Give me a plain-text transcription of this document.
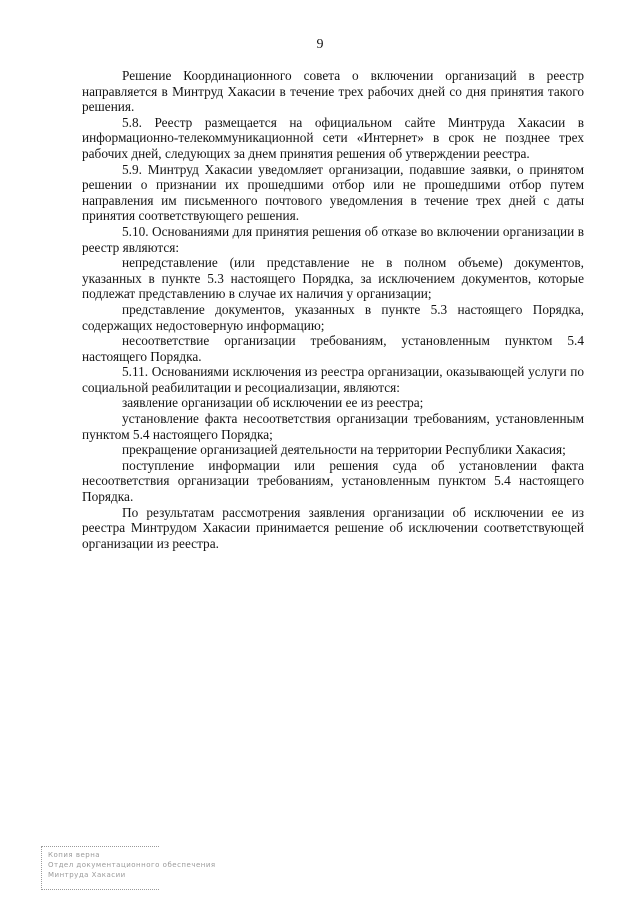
9

Решение Координационного совета о включении организаций в реестр направляется в Минтруд Хакасии в течение трех рабочих дней со дня принятия такого решения.

5.8. Реестр размещается на официальном сайте Минтруда Хакасии в информационно-телекоммуникационной сети «Интернет» в срок не позднее трех рабочих дней, следующих за днем принятия решения об утверждении реестра.

5.9. Минтруд Хакасии уведомляет организации, подавшие заявки, о принятом решении о признании их прошедшими отбор или не прошедшими отбор путем направления им письменного почтового уведомления в течение трех дней с даты принятия соответствующего решения.

5.10. Основаниями для принятия решения об отказе во включении организации в реестр являются:

непредставление (или представление не в полном объеме) документов, указанных в пункте 5.3 настоящего Порядка, за исключением документов, которые подлежат представлению в случае их наличия у организации;

представление документов, указанных в пункте 5.3 настоящего Порядка, содержащих недостоверную информацию;

несоответствие организации требованиям, установленным пунктом 5.4 настоящего Порядка.

5.11. Основаниями исключения из реестра организации, оказывающей услуги по социальной реабилитации и ресоциализации, являются:

заявление организации об исключении ее из реестра;

установление факта несоответствия организации требованиям, установленным пунктом 5.4 настоящего Порядка;

прекращение организацией деятельности на территории Республики Хакасия;

поступление информации или решения суда об установлении факта несоответствия организации требованиям, установленным пунктом 5.4 настоящего Порядка.

По результатам рассмотрения заявления организации об исключении ее из реестра Минтрудом Хакасии принимается решение об исключении соответствующей организации из реестра.

Копия верна
Отдел документационного обеспечения
Минтруда Хакасии
